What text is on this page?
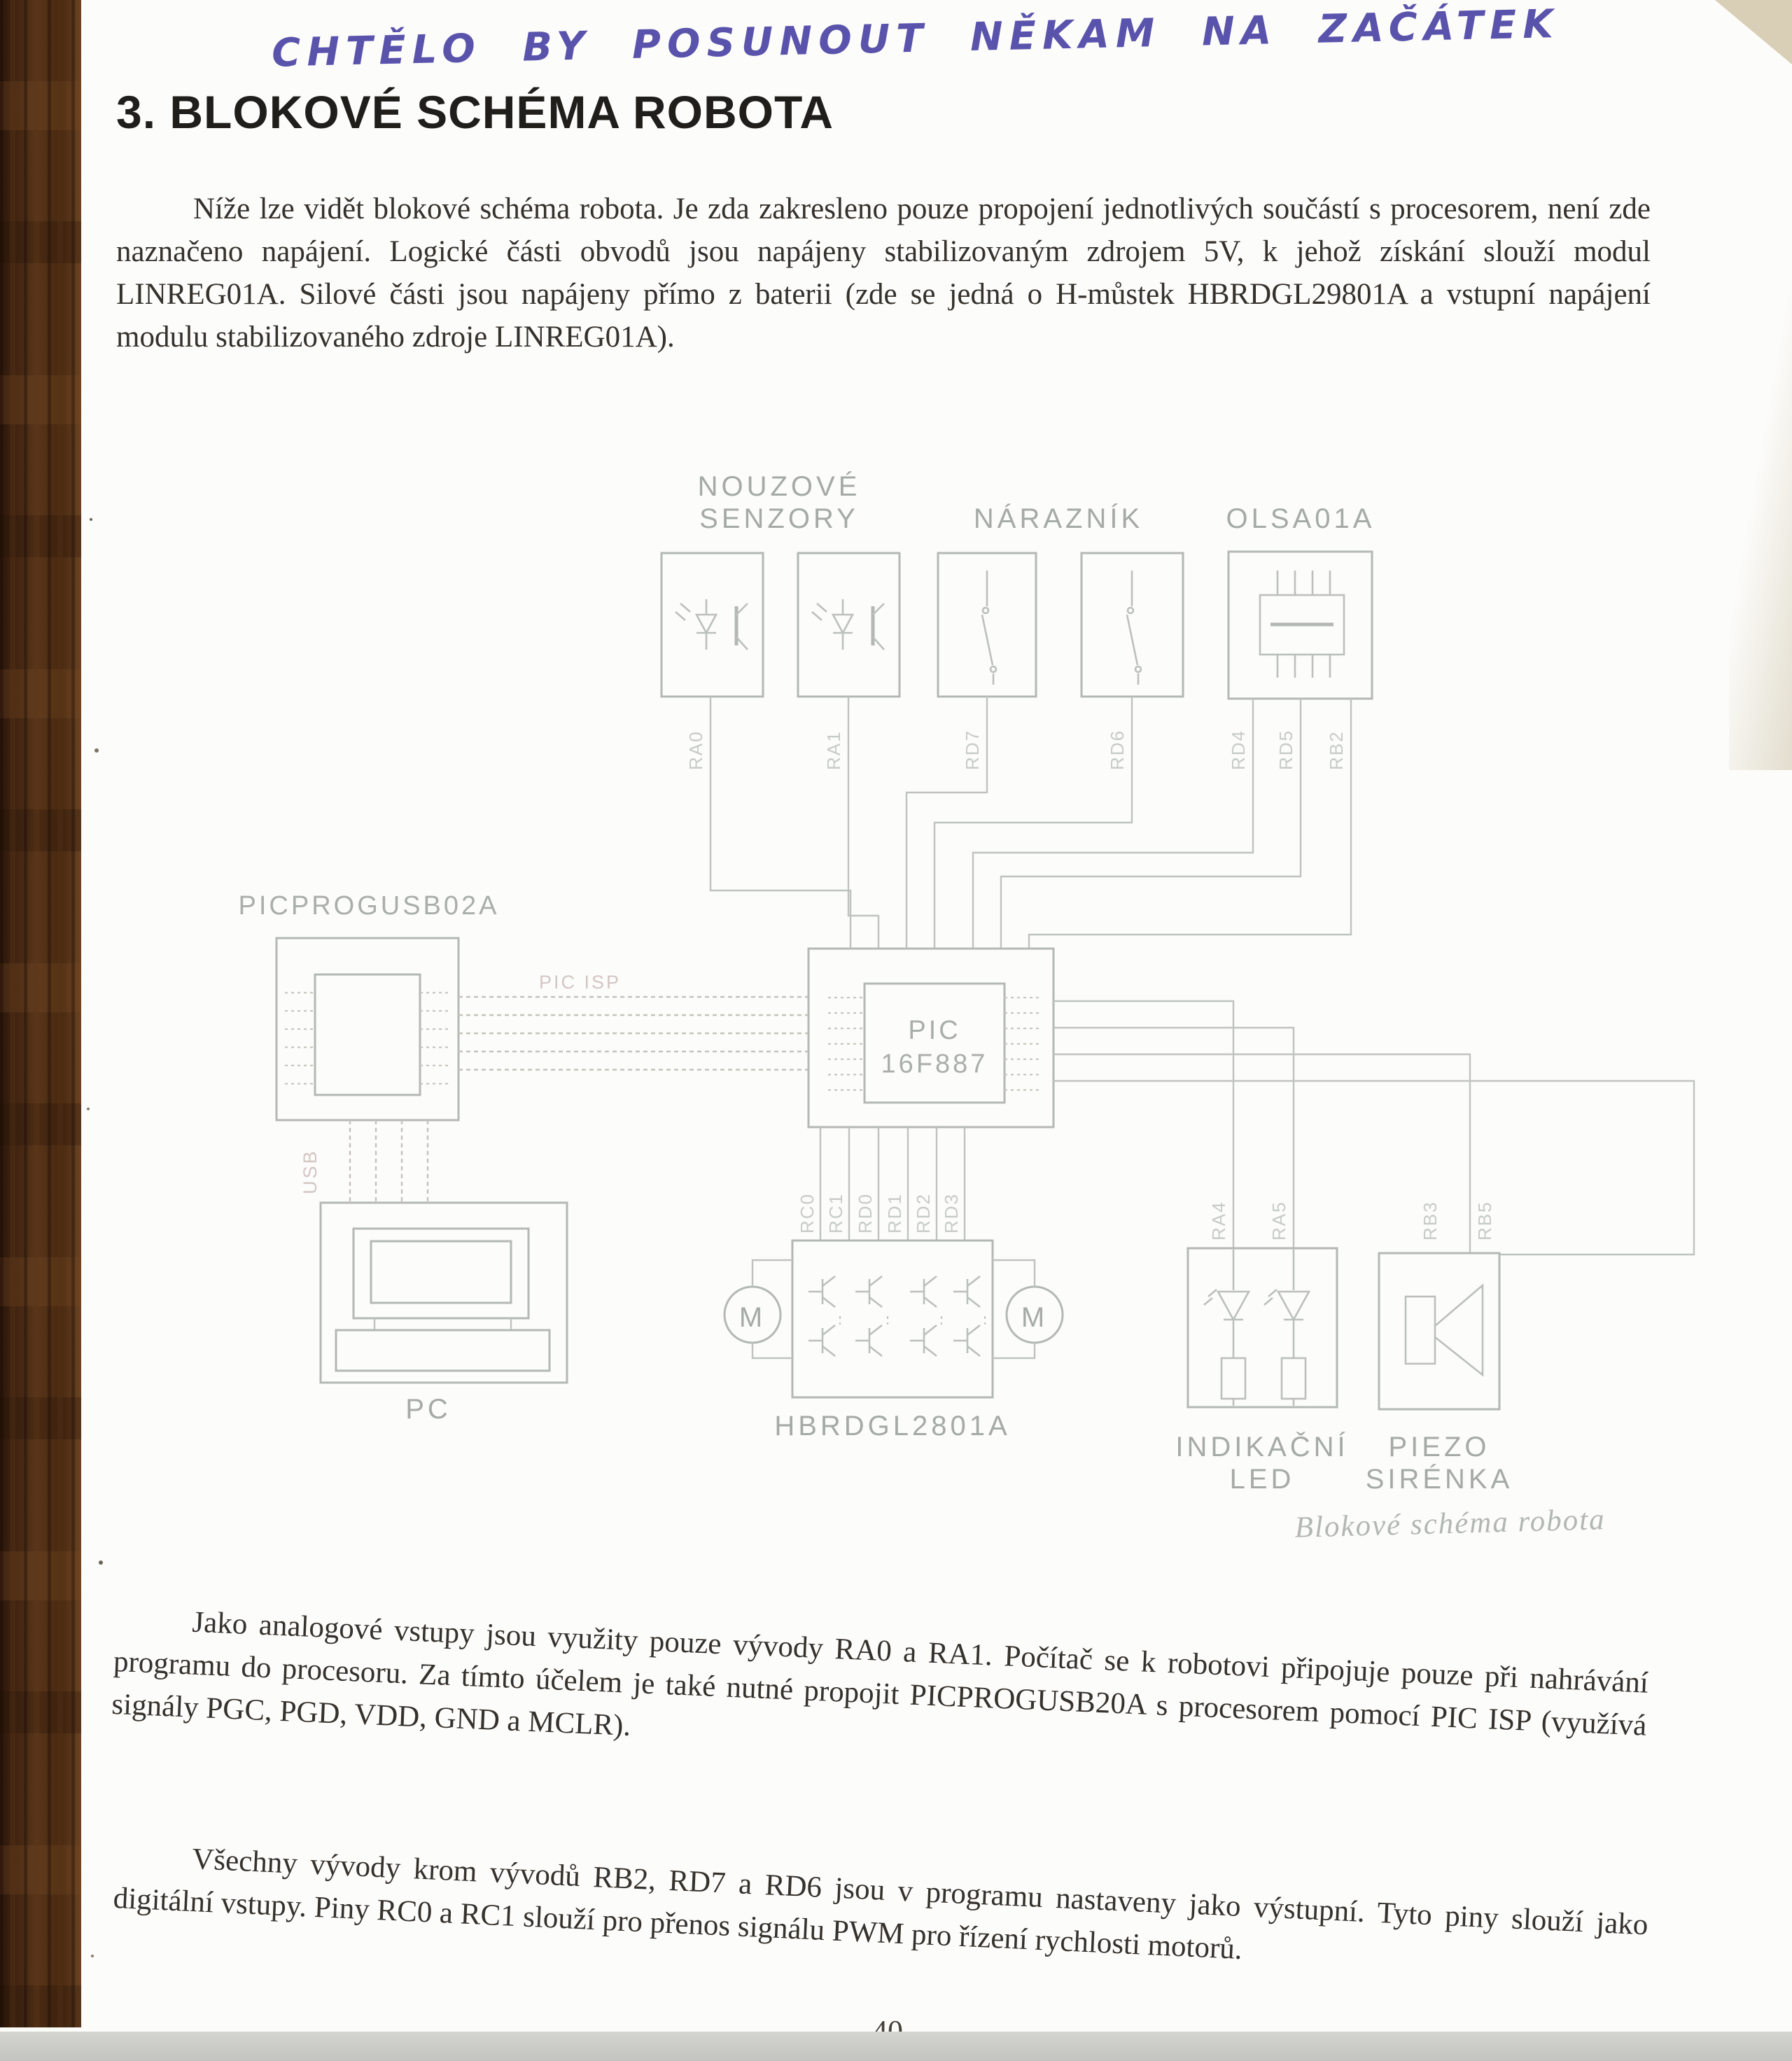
CHTĚLO BY POSUNOUT NĚKAM NA ZAČÁTEK
3. BLOKOVÉ SCHÉMA ROBOTA
Níže lze vidět blokové schéma robota. Je zda zakresleno pouze propojení jednotlivých součástí s procesorem, není zde naznačeno napájení. Logické části obvodů jsou napájeny stabilizovaným zdrojem 5V, k jehož získání slouží modul LINREG01A. Silové části jsou napájeny přímo z baterii (zde se jedná o H-můstek HBRDGL29801A a vstupní napájení modulu stabilizovaného zdroje LINREG01A).
Jako analogové vstupy jsou využity pouze vývody RA0 a RA1. Počítač se k robotovi připojuje pouze při nahrávání programu do procesoru. Za tímto účelem je také nutné propojit PICPROGUSB20A s procesorem pomocí PIC ISP (využívá signály PGC, PGD, VDD, GND a MCLR).
Všechny vývody krom vývodů RB2, RD7 a RD6 jsou v programu nastaveny jako výstupní. Tyto piny slouží jako digitální vstupy. Piny RC0 a RC1 slouží pro přenos signálu PWM pro řízení rychlosti motorů.
NOUZOVÉ
SENZORY	NÁRAZNÍK	OLSA01A
RA0	RA1	RD7	RD6	RD4 RD5 RB2
PICPROGUSB02A
PIC ISP
USB
PC
PIC
16F887
RC0 RC1 RD0 RD1 RD2 RD3
HBRDGL2801A
M	M
RA4 RA5	RB3 RB5
INDIKAČNÍ
LED
PIEZO
SIRÉNKA
Blokové schéma robota
